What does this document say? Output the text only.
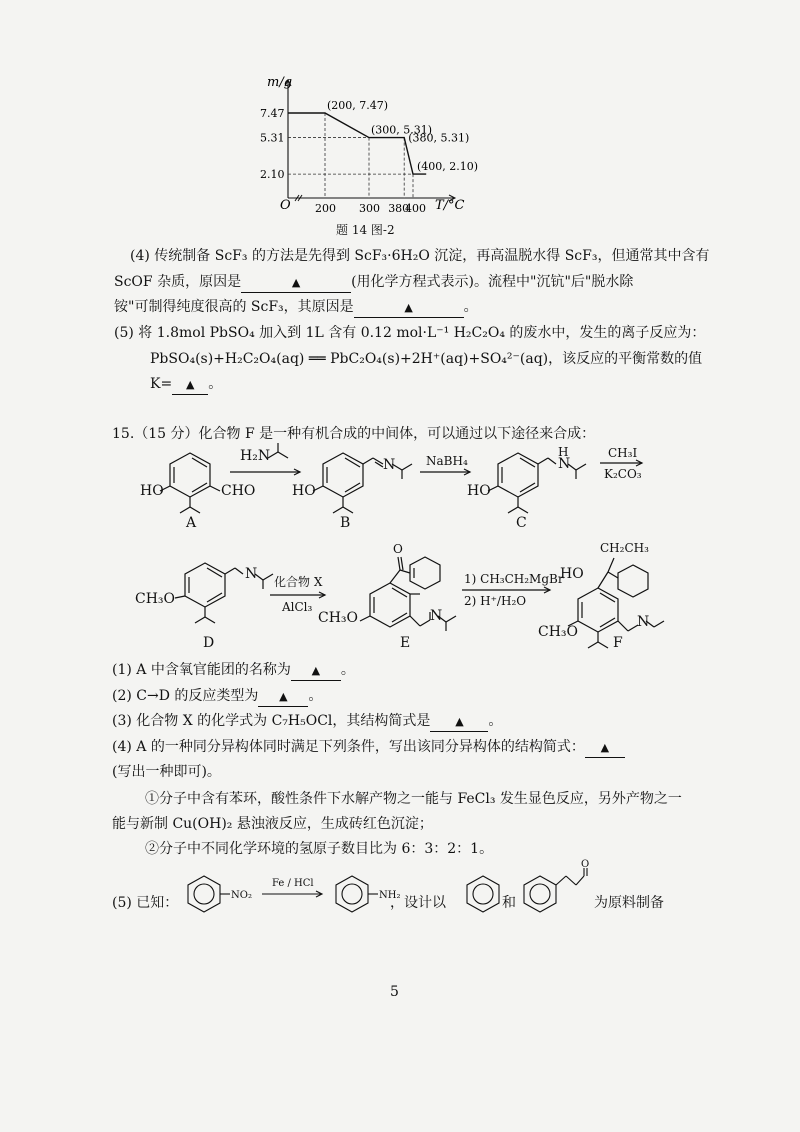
7.47
5.31
2.10
200 300 380
400
(200, 7.47)
(300, 5.31)
(380, 5.31)
(400, 2.10)
m/g
T/°C
O
题 14 图-2
(4) 传统制备 ScF₃ 的方法是先得到 ScF₃·6H₂O 沉淀，再高温脱水得 ScF₃，但通常其中含有
ScOF 杂质，原因是	▲	(用化学方程式表示)。流程中"沉钪"后"脱水除
铵"可制得纯度很高的 ScF₃，其原因是	▲	。
(5) 将 1.8mol PbSO₄ 加入到 1L 含有 0.12 mol·L⁻¹ H₂C₂O₄ 的废水中，发生的离子反应为：
PbSO₄(s)+H₂C₂O₄(aq) ══ PbC₂O₄(s)+2H⁺(aq)+SO₄²⁻(aq)，该反应的平衡常数的值
K= ▲ 。
15.（15 分）化合物 F 是一种有机合成的中间体，可以通过以下途径来合成：
HO	CHO
H₂N
HO
N	NaBH₄
HO
N
H	CH₃I
K₂CO₃
A	B	C
CH₃O
N 化合物 X
AlCl₃
CH₃O
O
N
1) CH₃CH₂MgBr
2) H⁺/H₂O
HO
CH₂CH₃
CH₃O
N
D	E	F
(1) A 中含氧官能团的名称为 ▲ 。
(2) C→D 的反应类型为 ▲ 。
(3) 化合物 X 的化学式为 C₇H₅OCl，其结构简式是 ▲ 。
(4) A 的一种同分异构体同时满足下列条件，写出该同分异构体的结构简式： ▲
(写出一种即可)。
①分子中含有苯环，酸性条件下水解产物之一能与 FeCl₃ 发生显色反应，另外产物之一
能与新制 Cu(OH)₂ 悬浊液反应，生成砖红色沉淀；
②分子中不同化学环境的氢原子数目比为 6：3：2：1。
(5) 已知：	NO₂
Fe / HCl
NH₂
O
，设计以	和	为原料制备
5
